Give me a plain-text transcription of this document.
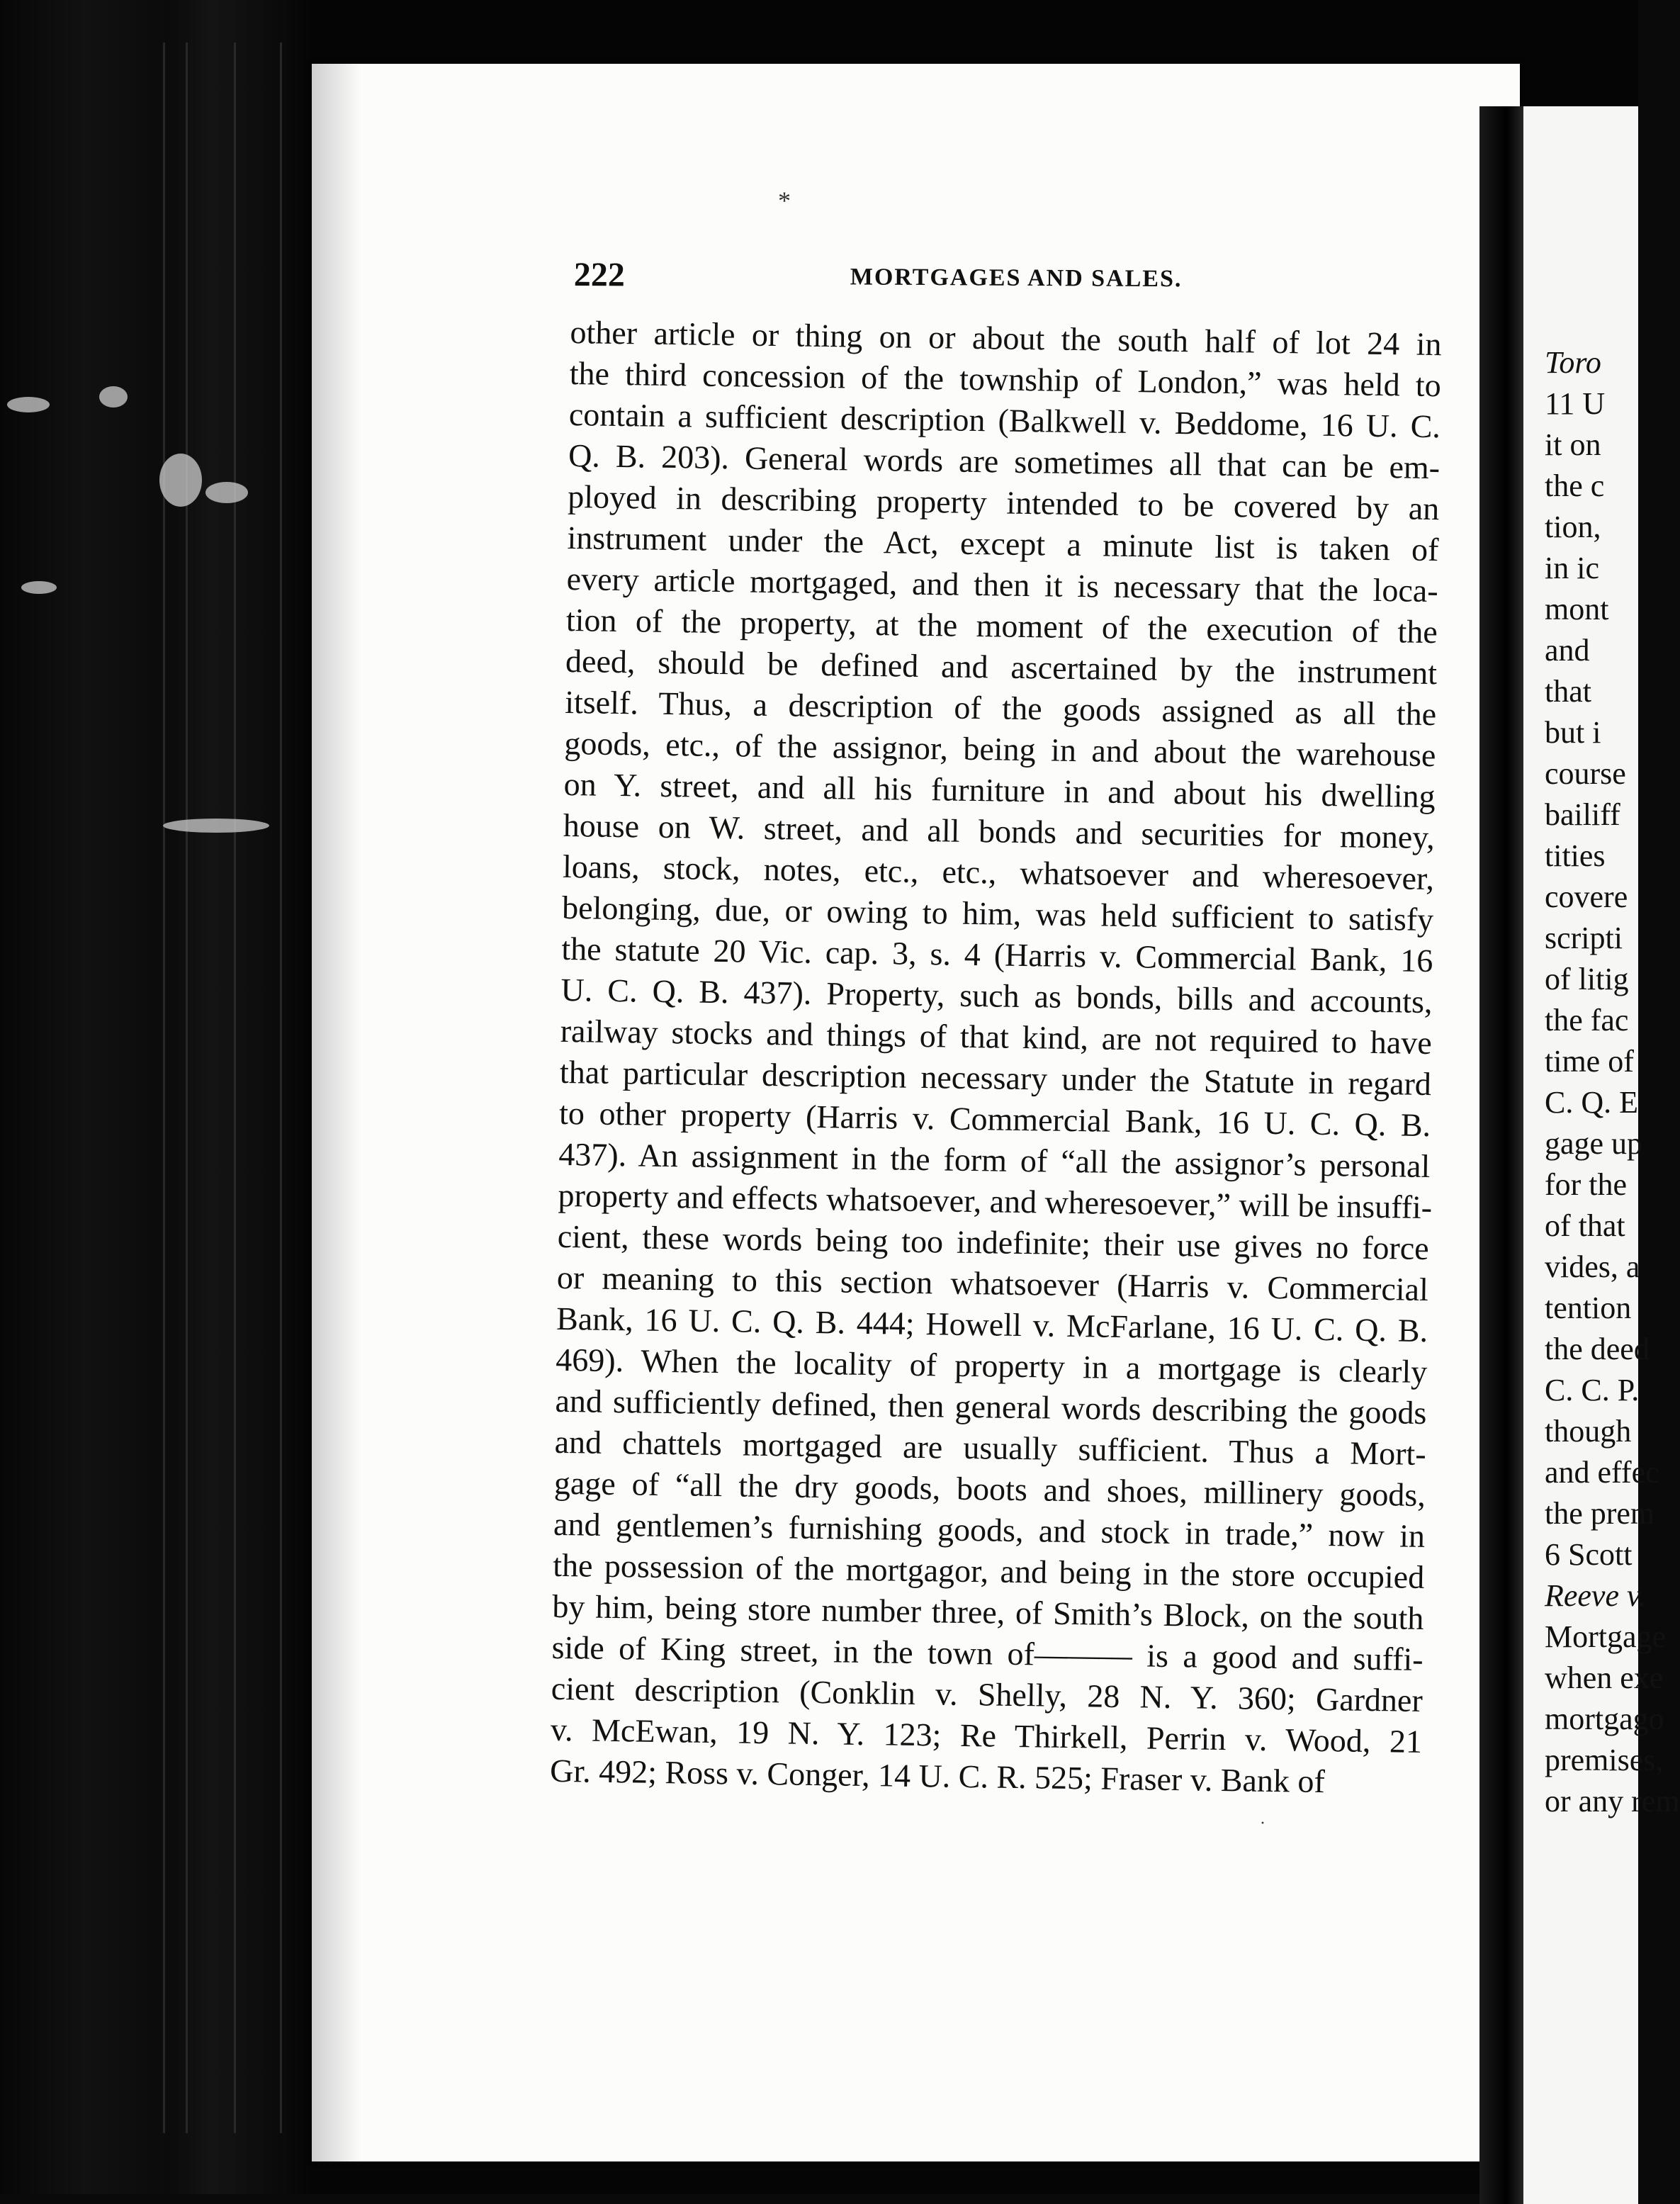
Toro
11 U
it on
the c
tion,
in ic
mont
and
that
but i
course
bailiff
tities
covere
scripti
of litig
the fac
time of
C. Q. E
gage up
for the
of that
vides, a
tention
the deed
C. C. P.
though
and effec
the prem
6 Scott
Reeve v.
Mortgage
when exe
mortgago
premises,
or any rem
*
222	MORTGAGES AND SALES.
other article or thing on or about the south half of lot 24 in
the third concession of the township of London,” was held to
contain a sufficient description (Balkwell v. Beddome, 16 U. C.
Q. B. 203). General words are sometimes all that can be em-
ployed in describing property intended to be covered by an
instrument under the Act, except a minute list is taken of
every article mortgaged, and then it is necessary that the loca-
tion of the property, at the moment of the execution of the
deed, should be defined and ascertained by the instrument
itself. Thus, a description of the goods assigned as all the
goods, etc., of the assignor, being in and about the warehouse
on Y. street, and all his furniture in and about his dwelling
house on W. street, and all bonds and securities for money,
loans, stock, notes, etc., etc., whatsoever and wheresoever,
belonging, due, or owing to him, was held sufficient to satisfy
the statute 20 Vic. cap. 3, s. 4 (Harris v. Commercial Bank, 16
U. C. Q. B. 437). Property, such as bonds, bills and accounts,
railway stocks and things of that kind, are not required to have
that particular description necessary under the Statute in regard
to other property (Harris v. Commercial Bank, 16 U. C. Q. B.
437). An assignment in the form of “all the assignor’s personal
property and effects whatsoever, and wheresoever,” will be insuffi-
cient, these words being too indefinite; their use gives no force
or meaning to this section whatsoever (Harris v. Commercial
Bank, 16 U. C. Q. B. 444; Howell v. McFarlane, 16 U. C. Q. B.
469). When the locality of property in a mortgage is clearly
and sufficiently defined, then general words describing the goods
and chattels mortgaged are usually sufficient. Thus a Mort-
gage of “all the dry goods, boots and shoes, millinery goods,
and gentlemen’s furnishing goods, and stock in trade,” now in
the possession of the mortgagor, and being in the store occupied
by him, being store number three, of Smith’s Block, on the south
side of King street, in the town of——— is a good and suffi-
cient description (Conklin v. Shelly, 28 N. Y. 360; Gardner
v. McEwan, 19 N. Y. 123; Re Thirkell, Perrin v. Wood, 21
Gr. 492; Ross v. Conger, 14 U. C. R. 525; Fraser v. Bank of
·
